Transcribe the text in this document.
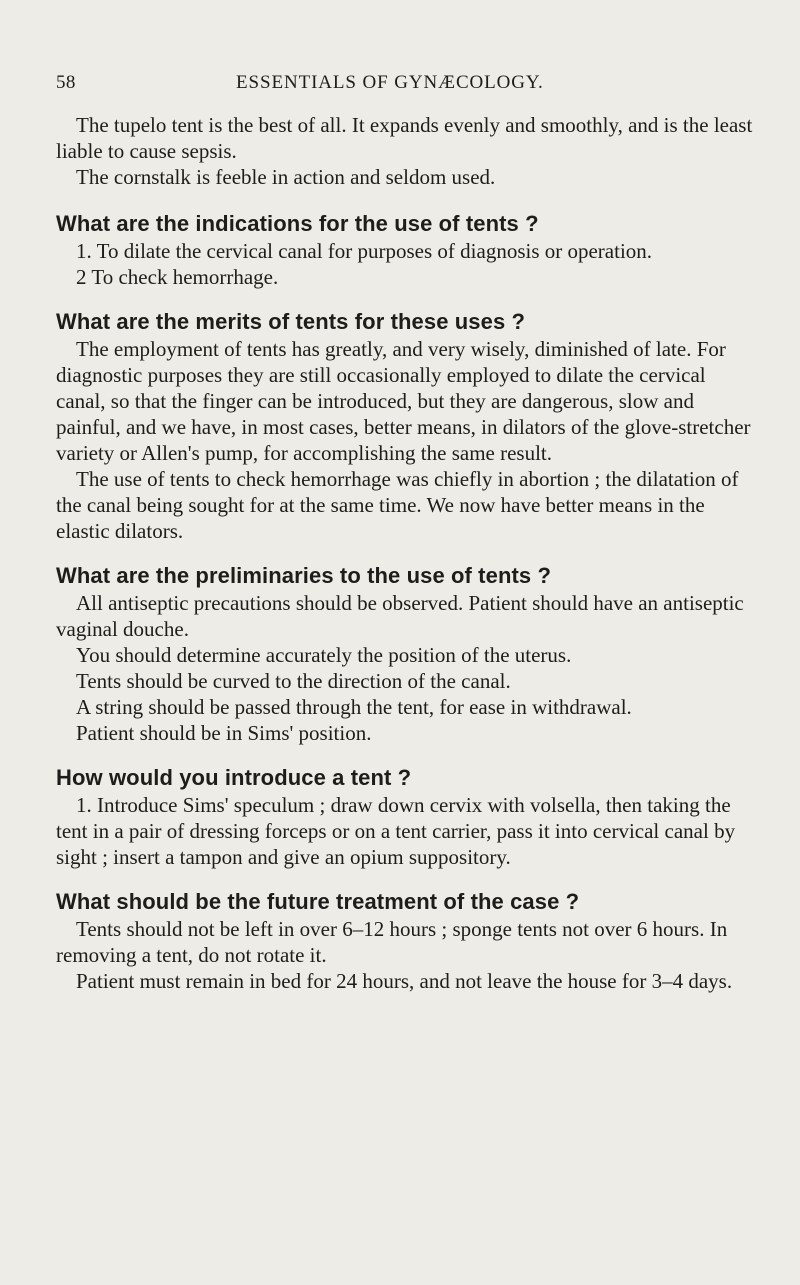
58	ESSENTIALS OF GYNÆCOLOGY.

The tupelo tent is the best of all. It expands evenly and smoothly, and is the least liable to cause sepsis.

The cornstalk is feeble in action and seldom used.

What are the indications for the use of tents ?

1. To dilate the cervical canal for purposes of diagnosis or operation.

2 To check hemorrhage.

What are the merits of tents for these uses ?

The employment of tents has greatly, and very wisely, diminished of late. For diagnostic purposes they are still occasionally employed to dilate the cervical canal, so that the finger can be introduced, but they are dangerous, slow and painful, and we have, in most cases, better means, in dilators of the glove-stretcher variety or Allen's pump, for accomplishing the same result.

The use of tents to check hemorrhage was chiefly in abortion ; the dilatation of the canal being sought for at the same time. We now have better means in the elastic dilators.

What are the preliminaries to the use of tents ?

All antiseptic precautions should be observed. Patient should have an antiseptic vaginal douche.

You should determine accurately the position of the uterus.

Tents should be curved to the direction of the canal.

A string should be passed through the tent, for ease in withdrawal.

Patient should be in Sims' position.

How would you introduce a tent ?

1. Introduce Sims' speculum ; draw down cervix with volsella, then taking the tent in a pair of dressing forceps or on a tent carrier, pass it into cervical canal by sight ; insert a tampon and give an opium suppository.

What should be the future treatment of the case ?

Tents should not be left in over 6–12 hours ; sponge tents not over 6 hours. In removing a tent, do not rotate it.

Patient must remain in bed for 24 hours, and not leave the house for 3–4 days.
